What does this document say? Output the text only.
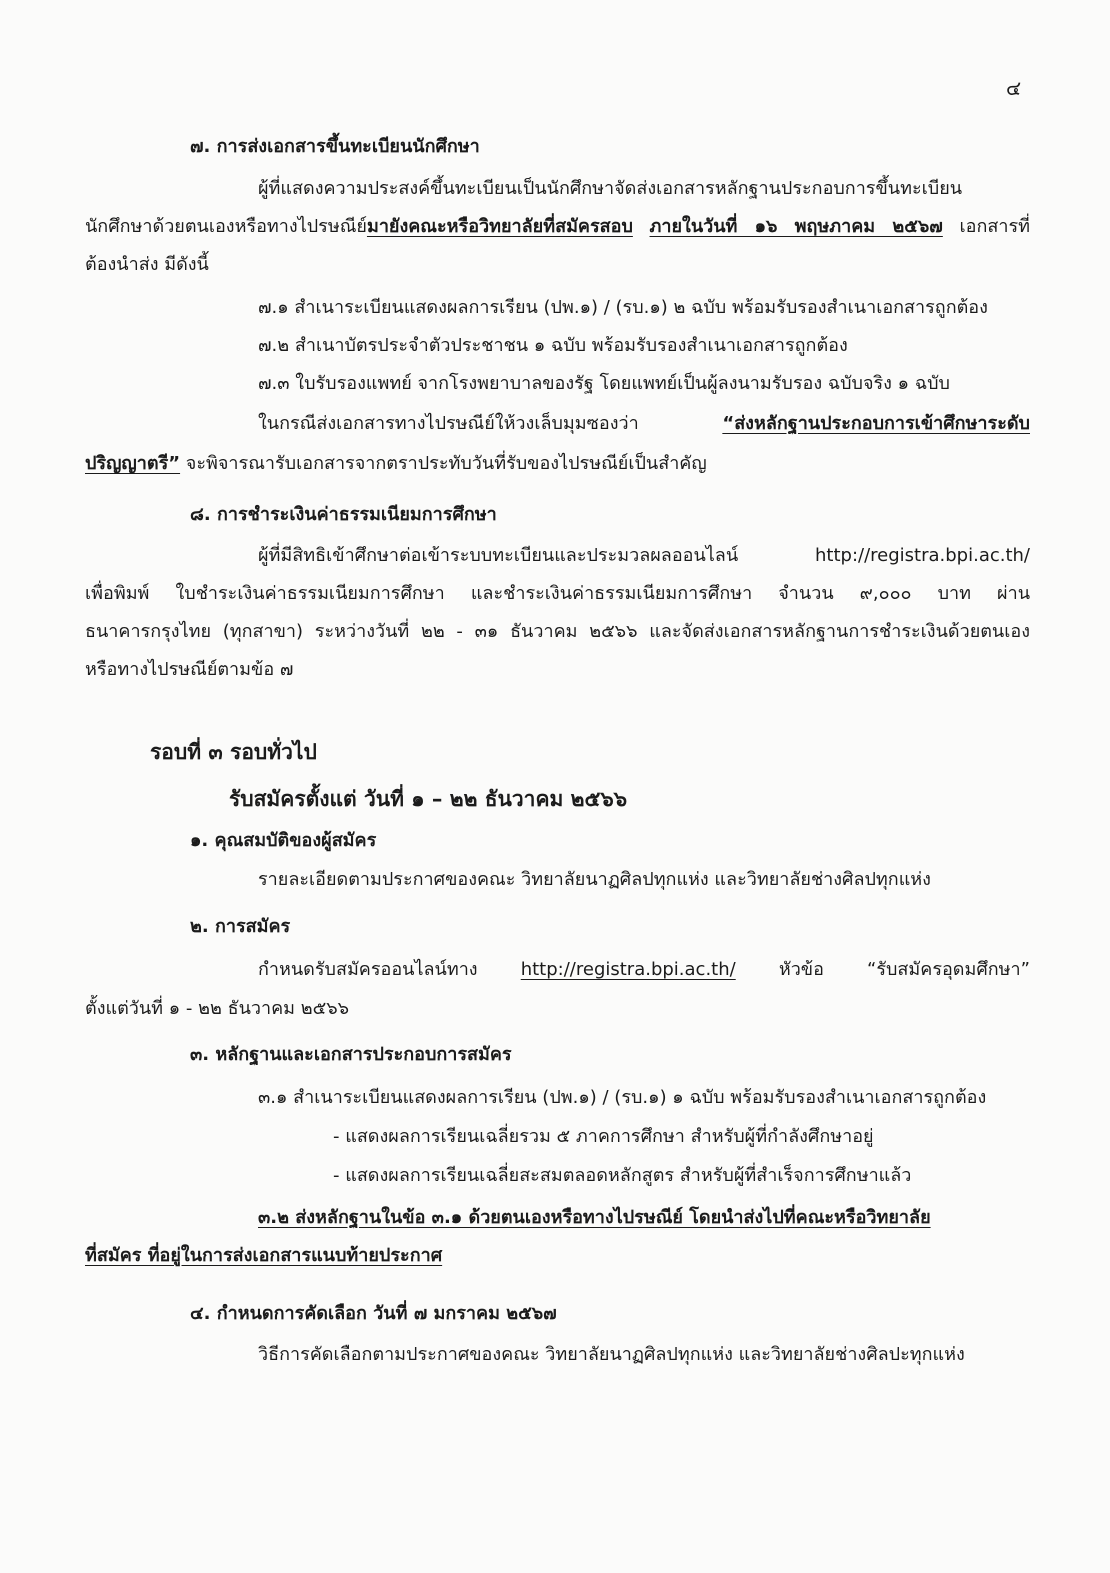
๔
๗. การส่งเอกสารขึ้นทะเบียนนักศึกษา
ผู้ที่แสดงความประสงค์ขึ้นทะเบียนเป็นนักศึกษาจัดส่งเอกสารหลักฐานประกอบการขึ้นทะเบียน
นักศึกษาด้วยตนเองหรือทางไปรษณีย์มายังคณะหรือวิทยาลัยที่สมัครสอบ ภายในวันที่ ๑๖ พฤษภาคม ๒๕๖๗ เอกสารที่
ต้องนำส่ง มีดังนี้
๗.๑ สำเนาระเบียนแสดงผลการเรียน (ปพ.๑) / (รบ.๑) ๒ ฉบับ พร้อมรับรองสำเนาเอกสารถูกต้อง
๗.๒ สำเนาบัตรประจำตัวประชาชน ๑ ฉบับ พร้อมรับรองสำเนาเอกสารถูกต้อง
๗.๓ ใบรับรองแพทย์ จากโรงพยาบาลของรัฐ โดยแพทย์เป็นผู้ลงนามรับรอง ฉบับจริง ๑ ฉบับ
ในกรณีส่งเอกสารทางไปรษณีย์ให้วงเล็บมุมซองว่า	“ส่งหลักฐานประกอบการเข้าศึกษาระดับ
ปริญญาตรี” จะพิจารณารับเอกสารจากตราประทับวันที่รับของไปรษณีย์เป็นสำคัญ
๘. การชำระเงินค่าธรรมเนียมการศึกษา
ผู้ที่มีสิทธิเข้าศึกษาต่อเข้าระบบทะเบียนและประมวลผลออนไลน์ http://registra.bpi.ac.th/
เพื่อพิมพ์ ใบชำระเงินค่าธรรมเนียมการศึกษา และชำระเงินค่าธรรมเนียมการศึกษา จำนวน ๙,๐๐๐ บาท ผ่าน
ธนาคารกรุงไทย (ทุกสาขา) ระหว่างวันที่ ๒๒ - ๓๑ ธันวาคม ๒๕๖๖ และจัดส่งเอกสารหลักฐานการชำระเงินด้วยตนเอง
หรือทางไปรษณีย์ตามข้อ ๗
รอบที่ ๓ รอบทั่วไป
รับสมัครตั้งแต่ วันที่ ๑ – ๒๒ ธันวาคม ๒๕๖๖
๑. คุณสมบัติของผู้สมัคร
รายละเอียดตามประกาศของคณะ วิทยาลัยนาฏศิลปทุกแห่ง และวิทยาลัยช่างศิลปทุกแห่ง
๒. การสมัคร
กำหนดรับสมัครออนไลน์ทาง http://registra.bpi.ac.th/ หัวข้อ “รับสมัครอุดมศึกษา”
ตั้งแต่วันที่ ๑ - ๒๒ ธันวาคม ๒๕๖๖
๓. หลักฐานและเอกสารประกอบการสมัคร
๓.๑ สำเนาระเบียนแสดงผลการเรียน (ปพ.๑) / (รบ.๑) ๑ ฉบับ พร้อมรับรองสำเนาเอกสารถูกต้อง
- แสดงผลการเรียนเฉลี่ยรวม ๕ ภาคการศึกษา สำหรับผู้ที่กำลังศึกษาอยู่
- แสดงผลการเรียนเฉลี่ยสะสมตลอดหลักสูตร สำหรับผู้ที่สำเร็จการศึกษาแล้ว
๓.๒ ส่งหลักฐานในข้อ ๓.๑ ด้วยตนเองหรือทางไปรษณีย์ โดยนำส่งไปที่คณะหรือวิทยาลัย
ที่สมัคร ที่อยู่ในการส่งเอกสารแนบท้ายประกาศ
๔. กำหนดการคัดเลือก วันที่ ๗ มกราคม ๒๕๖๗
วิธีการคัดเลือกตามประกาศของคณะ วิทยาลัยนาฏศิลปทุกแห่ง และวิทยาลัยช่างศิลปะทุกแห่ง
